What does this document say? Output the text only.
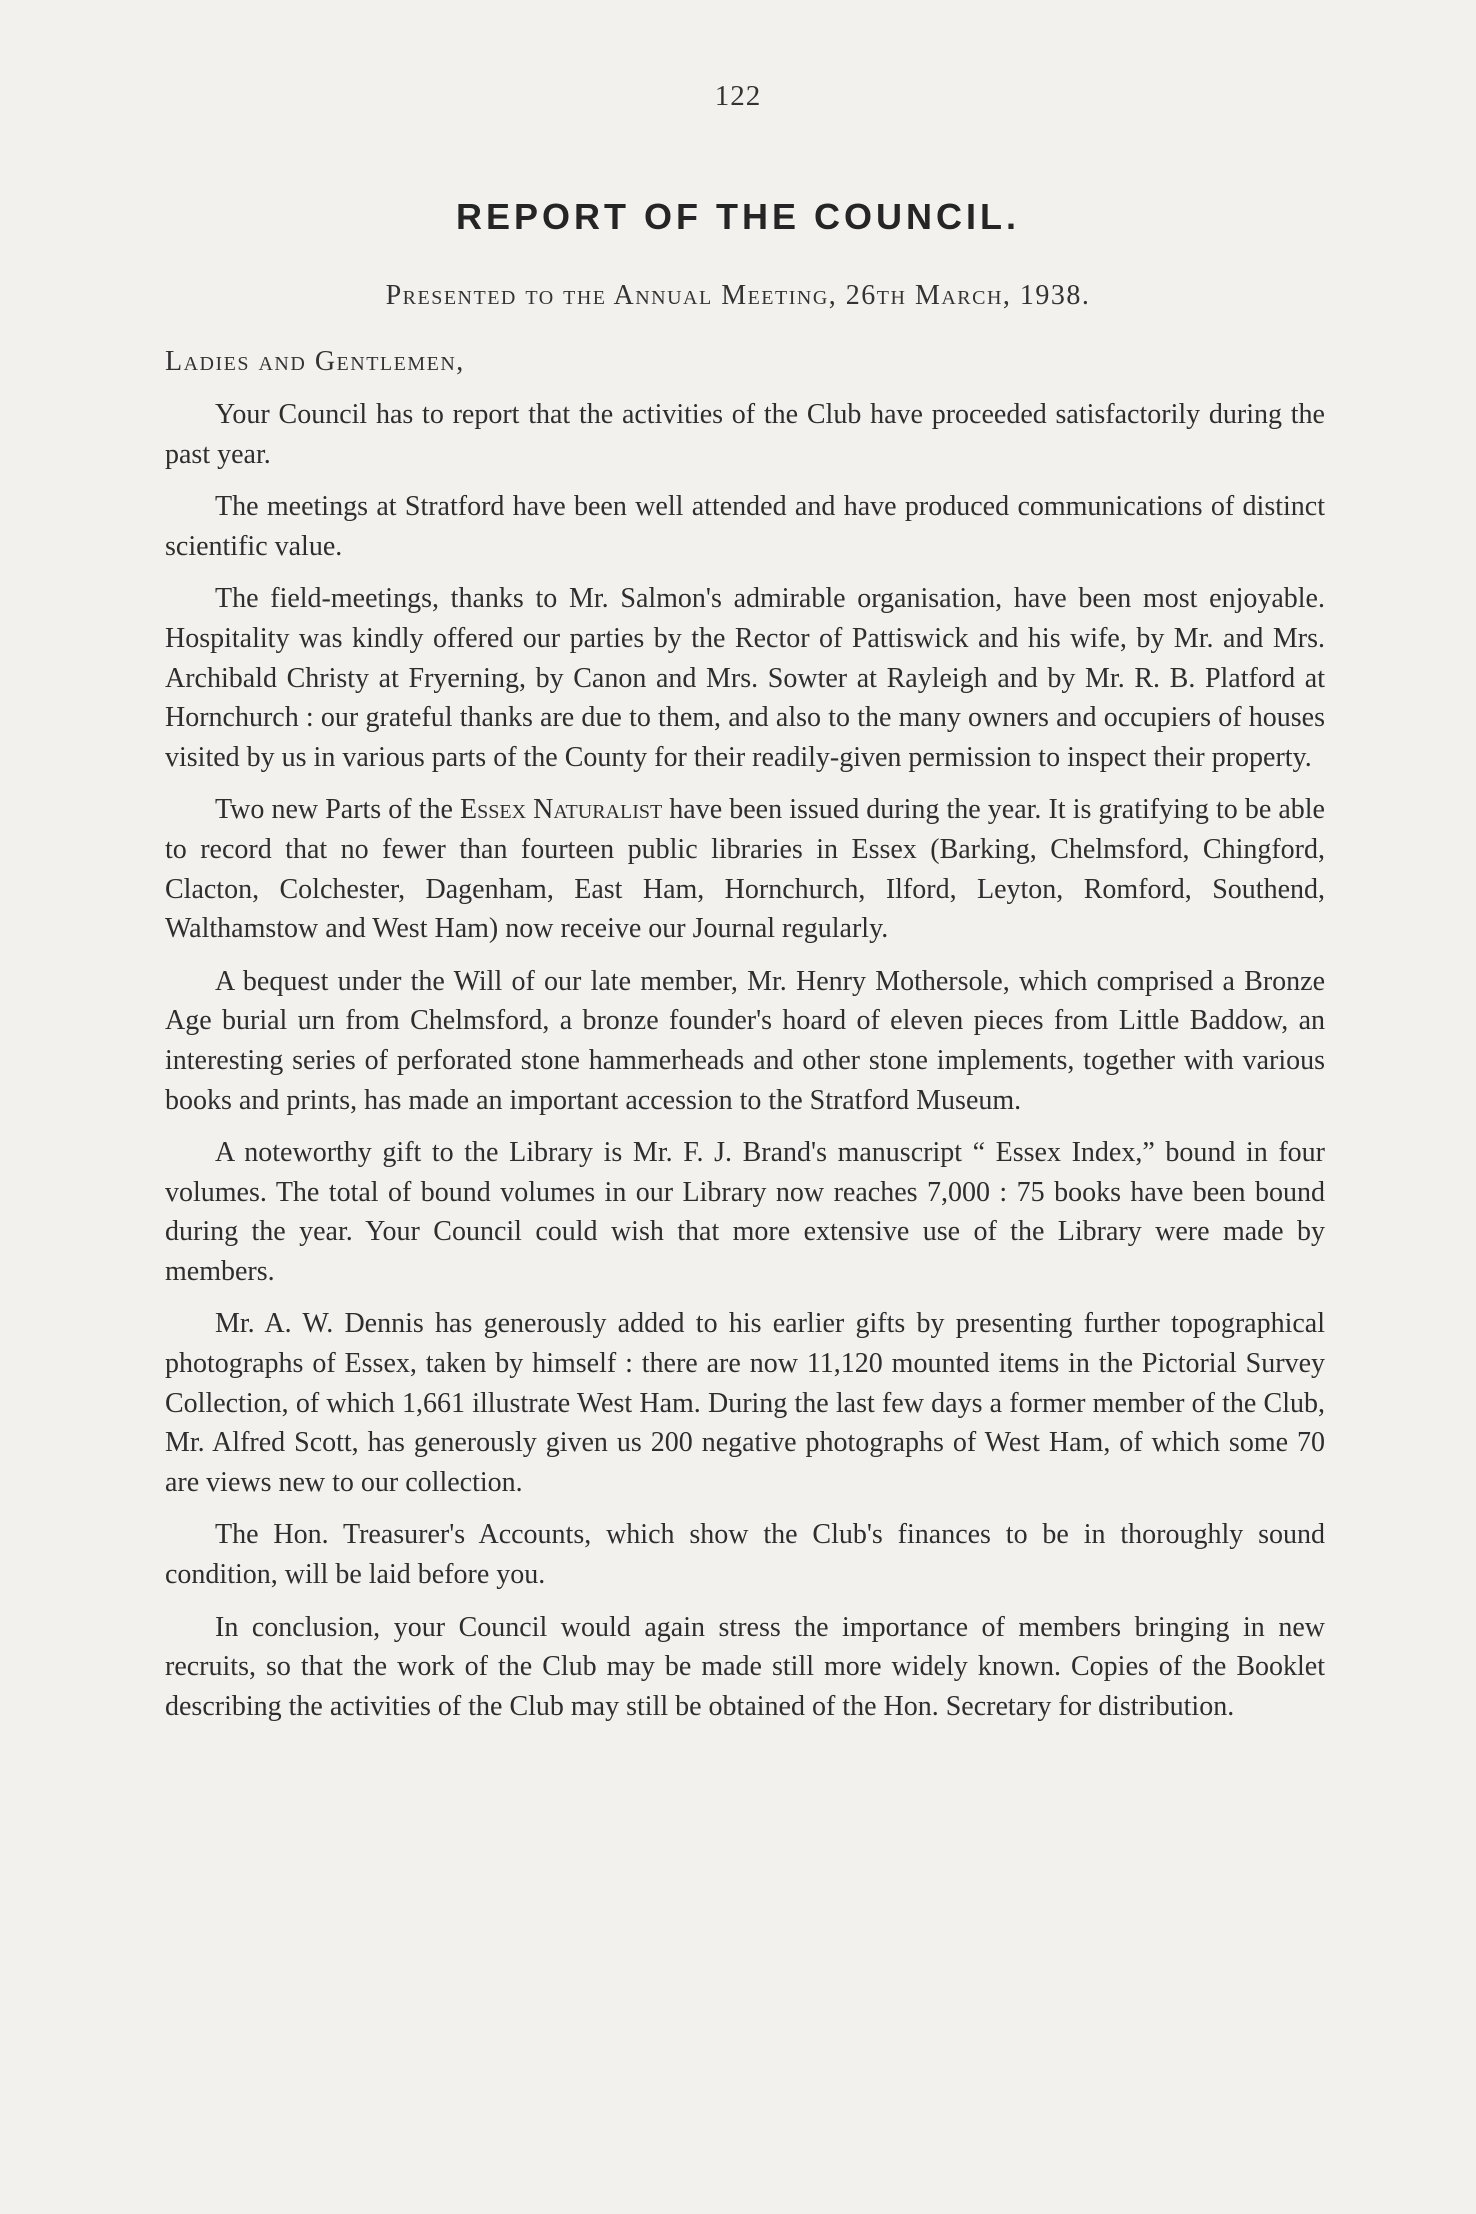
122
REPORT OF THE COUNCIL.
Presented to the Annual Meeting, 26th March, 1938.
Ladies and Gentlemen,

Your Council has to report that the activities of the Club have proceeded satisfactorily during the past year.

The meetings at Stratford have been well attended and have produced communications of distinct scientific value.

The field-meetings, thanks to Mr. Salmon's admirable organisation, have been most enjoyable. Hospitality was kindly offered our parties by the Rector of Pattiswick and his wife, by Mr. and Mrs. Archibald Christy at Fryerning, by Canon and Mrs. Sowter at Rayleigh and by Mr. R. B. Platford at Hornchurch : our grateful thanks are due to them, and also to the many owners and occupiers of houses visited by us in various parts of the County for their readily-given permission to inspect their property.

Two new Parts of the Essex Naturalist have been issued during the year. It is gratifying to be able to record that no fewer than fourteen public libraries in Essex (Barking, Chelmsford, Chingford, Clacton, Colchester, Dagenham, East Ham, Hornchurch, Ilford, Leyton, Romford, Southend, Walthamstow and West Ham) now receive our Journal regularly.

A bequest under the Will of our late member, Mr. Henry Mothersole, which comprised a Bronze Age burial urn from Chelmsford, a bronze founder's hoard of eleven pieces from Little Baddow, an interesting series of perforated stone hammerheads and other stone implements, together with various books and prints, has made an important accession to the Stratford Museum.

A noteworthy gift to the Library is Mr. F. J. Brand's manuscript “ Essex Index,” bound in four volumes. The total of bound volumes in our Library now reaches 7,000 : 75 books have been bound during the year. Your Council could wish that more extensive use of the Library were made by members.

Mr. A. W. Dennis has generously added to his earlier gifts by presenting further topographical photographs of Essex, taken by himself : there are now 11,120 mounted items in the Pictorial Survey Collection, of which 1,661 illustrate West Ham. During the last few days a former member of the Club, Mr. Alfred Scott, has generously given us 200 negative photographs of West Ham, of which some 70 are views new to our collection.

The Hon. Treasurer's Accounts, which show the Club's finances to be in thoroughly sound condition, will be laid before you.

In conclusion, your Council would again stress the importance of members bringing in new recruits, so that the work of the Club may be made still more widely known. Copies of the Booklet describing the activities of the Club may still be obtained of the Hon. Secretary for distribution.
